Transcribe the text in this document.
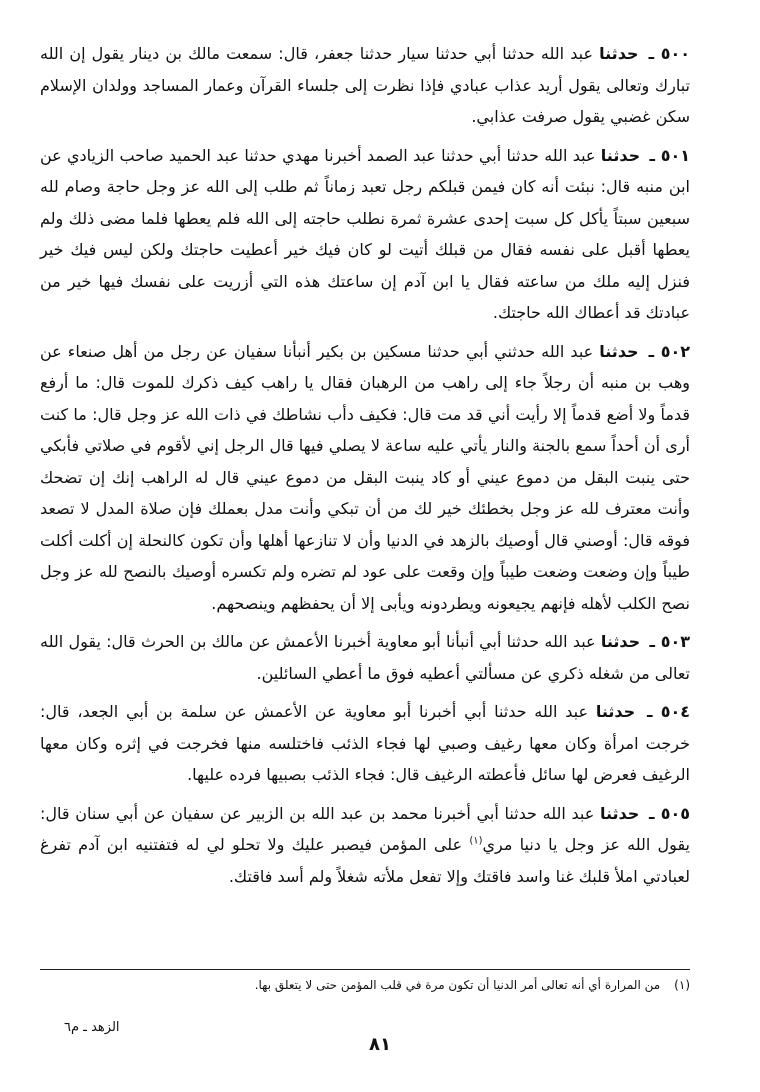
٥٠٠ ـ حدثنا عبد الله حدثنا أبي حدثنا سيار حدثنا جعفر، قال: سمعت مالك بن دينار يقول إن الله تبارك وتعالى يقول أريد عذاب عبادي فإذا نظرت إلى جلساء القرآن وعمار المساجد وولدان الإسلام سكن غضبي يقول صرفت عذابي.

٥٠١ ـ حدثنا عبد الله حدثنا أبي حدثنا عبد الصمد أخبرنا مهدي حدثنا عبد الحميد صاحب الزيادي عن ابن منبه قال: نبئت أنه كان فيمن قبلكم رجل تعبد زماناً ثم طلب إلى الله عز وجل حاجة وصام لله سبعين سبتاً يأكل كل سبت إحدى عشرة ثمرة نطلب حاجته إلى الله فلم يعطها فلما مضى ذلك ولم يعطها أقبل على نفسه فقال من قبلك أتيت لو كان فيك خير أعطيت حاجتك ولكن ليس فيك خير فنزل إليه ملك من ساعته فقال يا ابن آدم إن ساعتك هذه التي أزريت على نفسك فيها خير من عبادتك قد أعطاك الله حاجتك.

٥٠٢ ـ حدثنا عبد الله حدثني أبي حدثنا مسكين بن بكير أنبأنا سفيان عن رجل من أهل صنعاء عن وهب بن منبه أن رجلاً جاء إلى راهب من الرهبان فقال يا راهب كيف ذكرك للموت قال: ما أرفع قدماً ولا أضع قدماً إلا رأيت أني قد مت قال: فكيف دأب نشاطك في ذات الله عز وجل قال: ما كنت أرى أن أحداً سمع بالجنة والنار يأتي عليه ساعة لا يصلي فيها قال الرجل إني لأقوم في صلاتي فأبكي حتى ينبت البقل من دموع عيني أو كاد ينبت البقل من دموع عيني قال له الراهب إنك إن تضحك وأنت معترف لله عز وجل بخطئك خير لك من أن تبكي وأنت مدل بعملك فإن صلاة المدل لا تصعد فوقه قال: أوصني قال أوصيك بالزهد في الدنيا وأن لا تنازعها أهلها وأن تكون كالنحلة إن أكلت أكلت طيباً وإن وضعت وضعت طيباً وإن وقعت على عود لم تضره ولم تكسره أوصيك بالنصح لله عز وجل نصح الكلب لأهله فإنهم يجيعونه ويطردونه ويأبى إلا أن يحفظهم وينصحهم.

٥٠٣ ـ حدثنا عبد الله حدثنا أبي أنبأنا أبو معاوية أخبرنا الأعمش عن مالك بن الحرث قال: يقول الله تعالى من شغله ذكري عن مسألتي أعطيه فوق ما أعطي السائلين.

٥٠٤ ـ حدثنا عبد الله حدثنا أبي أخبرنا أبو معاوية عن الأعمش عن سلمة بن أبي الجعد، قال: خرجت امرأة وكان معها رغيف وصبي لها فجاء الذئب فاختلسه منها فخرجت في إثره وكان معها الرغيف فعرض لها سائل فأعطته الرغيف قال: فجاء الذئب بصبيها فرده عليها.

٥٠٥ ـ حدثنا عبد الله حدثنا أبي أخبرنا محمد بن عبد الله بن الزبير عن سفيان عن أبي سنان قال: يقول الله عز وجل يا دنيا مري$^{(١)}$ على المؤمن فيصبر عليك ولا تحلو لي له فتفتنيه ابن آدم تفرغ لعبادتي املأ قلبك غنا واسد فاقتك وإلا تفعل ملأته شغلاً ولم أسد فاقتك.

(١)من المرارة أي أنه تعالى أمر الدنيا أن تكون مرة في قلب المؤمن حتى لا يتعلق بها.
٨١
الزهد ـ م٦
